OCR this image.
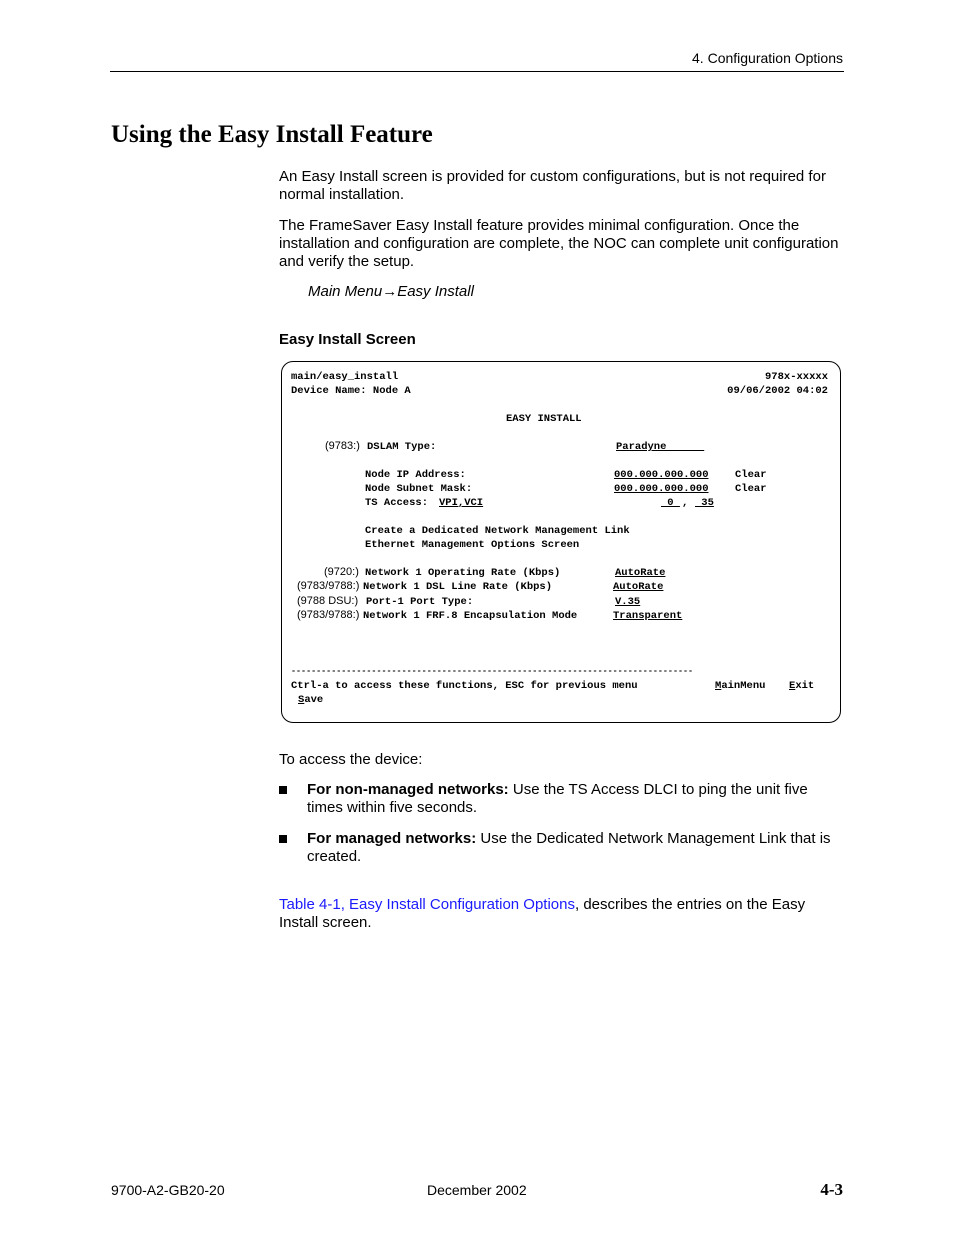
4. Configuration Options
Using the Easy Install Feature

An Easy Install screen is provided for custom configurations, but is not required for normal installation.

The FrameSaver Easy Install feature provides minimal configuration. Once the installation and configuration are complete, the NOC can complete unit configuration and verify the setup.

Main Menu→Easy Install
Easy Install Screen
main/easy_install	978x-xxxxx
Device Name: Node A	09/06/2002 04:02
EASY INSTALL
(9783:) DSLAM Type:	Paradyne
Node IP Address:	000.000.000.000	Clear
Node Subnet Mask:	000.000.000.000	Clear
TS Access: VPI,VCI	0 , 35
Create a Dedicated Network Management Link
Ethernet Management Options Screen
(9720:) Network 1 Operating Rate (Kbps)	AutoRate
(9783/9788:) Network 1 DSL Line Rate (Kbps)	AutoRate
(9788 DSU:) Port-1 Port Type:	V.35
(9783/9788:) Network 1 FRF.8 Encapsulation Mode	Transparent
--------------------------------------------------------------------------------
Ctrl-a to access these functions, ESC for previous menu	MainMenu Exit
Save

To access the device:

For non-managed networks: Use the TS Access DLCI to ping the unit five times within five seconds.
For managed networks: Use the Dedicated Network Management Link that is created.

Table 4-1, Easy Install Configuration Options, describes the entries on the Easy Install screen.

9700-A2-GB20-20	December 2002	4-3
